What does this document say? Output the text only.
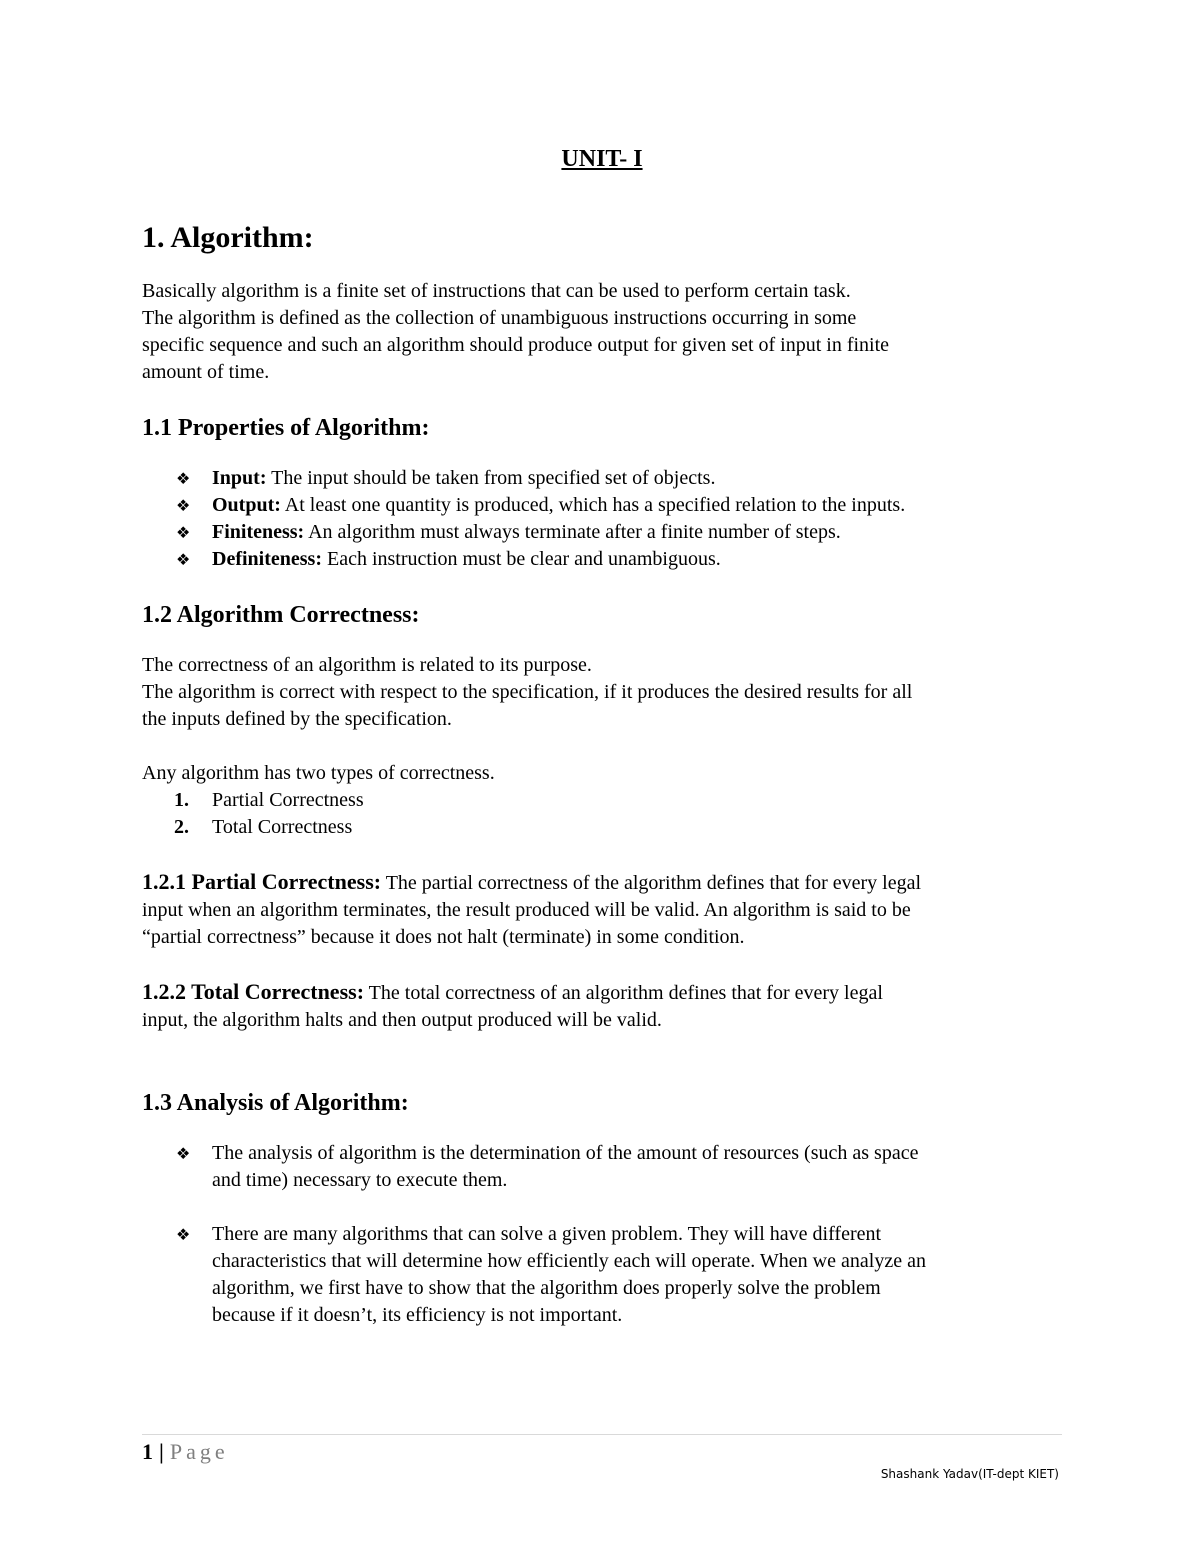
UNIT- I
1. Algorithm:

Basically algorithm is a finite set of instructions that can be used to perform certain task.

The algorithm is defined as the collection of unambiguous instructions occurring in some

specific sequence and such an algorithm should produce output for given set of input in finite

amount of time.

1.1 Properties of Algorithm:
❖ Input: The input should be taken from specified set of objects.
❖ Output: At least one quantity is produced, which has a specified relation to the inputs.
❖ Finiteness: An algorithm must always terminate after a finite number of steps.
❖ Definiteness: Each instruction must be clear and unambiguous.
1.2 Algorithm Correctness:

The correctness of an algorithm is related to its purpose.

The algorithm is correct with respect to the specification, if it produces the desired results for all

the inputs defined by the specification.

Any algorithm has two types of correctness.

1. Partial Correctness
2. Total Correctness

1.2.1 Partial Correctness: The partial correctness of the algorithm defines that for every legal

input when an algorithm terminates, the result produced will be valid. An algorithm is said to be

“partial correctness” because it does not halt (terminate) in some condition.

1.2.2 Total Correctness: The total correctness of an algorithm defines that for every legal

input, the algorithm halts and then output produced will be valid.

1.3 Analysis of Algorithm:
❖ The analysis of algorithm is the determination of the amount of resources (such as space
and time) necessary to execute them.
❖ There are many algorithms that can solve a given problem. They will have different
characteristics that will determine how efficiently each will operate. When we analyze an
algorithm, we first have to show that the algorithm does properly solve the problem
because if it doesn’t, its efficiency is not important.
1 | Page
Shashank Yadav(IT-dept KIET)
